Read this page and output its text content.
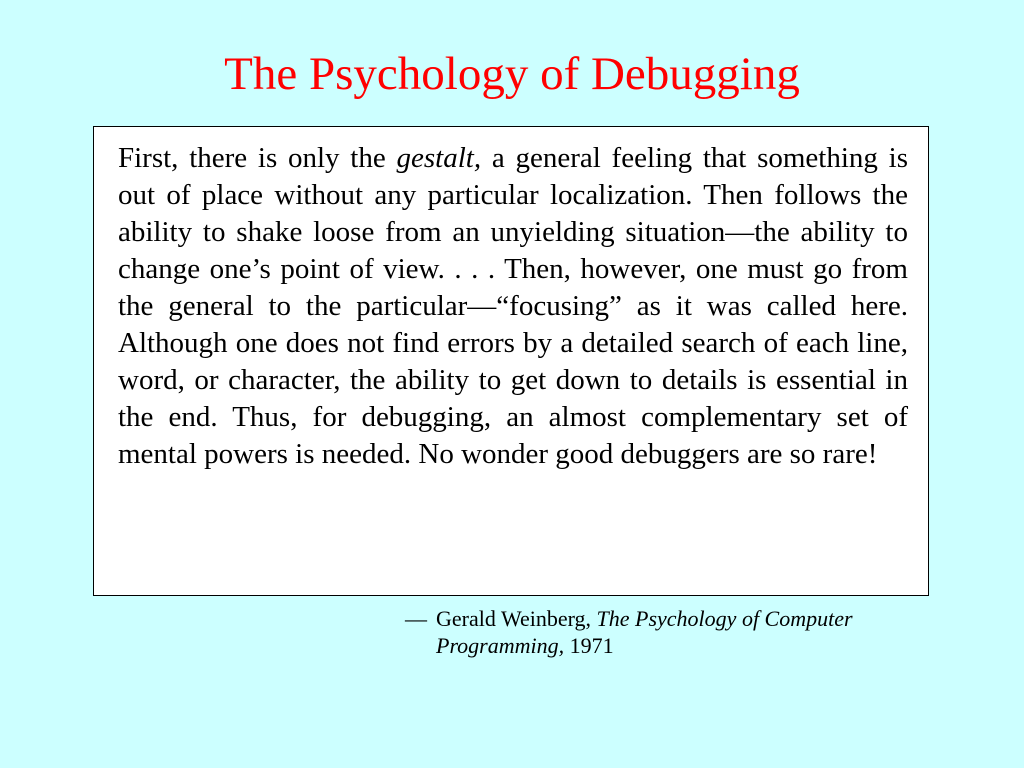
The Psychology of Debugging

First, there is only the gestalt, a general feeling that something is out of place without any particular localization. Then follows the ability to shake loose from an unyielding situation—the ability to change one’s point of view. . . . Then, however, one must go from the general to the particular—“focusing” as it was called here. Although one does not find errors by a detailed search of each line, word, or character, the ability to get down to details is essential in the end. Thus, for debugging, an almost complementary set of mental powers is needed. No wonder good debuggers are so rare!

— Gerald Weinberg, The Psychology of Computer Programming, 1971
